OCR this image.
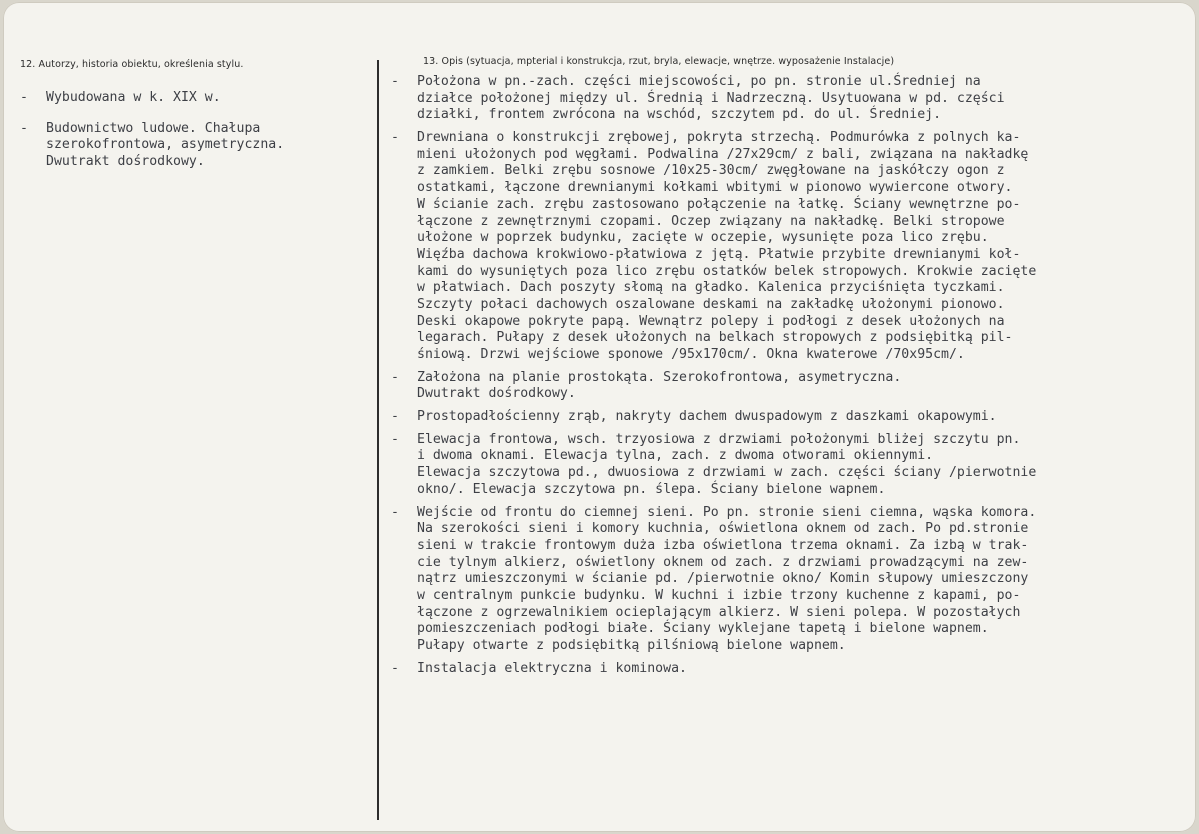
12. Autorzy, historia obiektu, określenia stylu.	13. Opis (sytuacja, mpterial i konstrukcja, rzut, bryla, elewacje, wnętrze. wyposażenie Instalacje)
-	Wybudowana w k. XIX w.
-	Budownictwo ludowe. Chałupa
szerokofrontowa, asymetryczna.
Dwutrakt dośrodkowy.
-	Położona w pn.-zach. części miejscowości, po pn. stronie ul.Średniej na
działce położonej między ul. Średnią i Nadrzeczną. Usytuowana w pd. części
działki, frontem zwrócona na wschód, szczytem pd. do ul. Średniej.
-	Drewniana o konstrukcji zrębowej, pokryta strzechą. Podmurówka z polnych ka-
mieni ułożonych pod węgłami. Podwalina /27x29cm/ z bali, związana na nakładkę
z zamkiem. Belki zrębu sosnowe /10x25-30cm/ zwęgłowane na jaskółczy ogon z
ostatkami, łączone drewnianymi kołkami wbitymi w pionowo wywiercone otwory.
W ścianie zach. zrębu zastosowano połączenie na łatkę. Ściany wewnętrzne po-
łączone z zewnętrznymi czopami. Oczep związany na nakładkę. Belki stropowe
ułożone w poprzek budynku, zacięte w oczepie, wysunięte poza lico zrębu.
Więźba dachowa krokwiowo-płatwiowa z jętą. Płatwie przybite drewnianymi koł-
kami do wysuniętych poza lico zrębu ostatków belek stropowych. Krokwie zacięte
w płatwiach. Dach poszyty słomą na gładko. Kalenica przyciśnięta tyczkami.
Szczyty połaci dachowych oszalowane deskami na zakładkę ułożonymi pionowo.
Deski okapowe pokryte papą. Wewnątrz polepy i podłogi z desek ułożonych na
legarach. Pułapy z desek ułożonych na belkach stropowych z podsiębitką pil-
śniową. Drzwi wejściowe sponowe /95x170cm/. Okna kwaterowe /70x95cm/.
-	Założona na planie prostokąta. Szerokofrontowa, asymetryczna.
Dwutrakt dośrodkowy.
-	Prostopadłościenny zrąb, nakryty dachem dwuspadowym z daszkami okapowymi.
-	Elewacja frontowa, wsch. trzyosiowa z drzwiami położonymi bliżej szczytu pn.
i dwoma oknami. Elewacja tylna, zach. z dwoma otworami okiennymi.
Elewacja szczytowa pd., dwuosiowa z drzwiami w zach. części ściany /pierwotnie
okno/. Elewacja szczytowa pn. ślepa. Ściany bielone wapnem.
-	Wejście od frontu do ciemnej sieni. Po pn. stronie sieni ciemna, wąska komora.
Na szerokości sieni i komory kuchnia, oświetlona oknem od zach. Po pd.stronie
sieni w trakcie frontowym duża izba oświetlona trzema oknami. Za izbą w trak-
cie tylnym alkierz, oświetlony oknem od zach. z drzwiami prowadzącymi na zew-
nątrz umieszczonymi w ścianie pd. /pierwotnie okno/ Komin słupowy umieszczony
w centralnym punkcie budynku. W kuchni i izbie trzony kuchenne z kapami, po-
łączone z ogrzewalnikiem ocieplającym alkierz. W sieni polepa. W pozostałych
pomieszczeniach podłogi białe. Ściany wyklejane tapetą i bielone wapnem.
Pułapy otwarte z podsiębitką pilśniową bielone wapnem.
-	Instalacja elektryczna i kominowa.
